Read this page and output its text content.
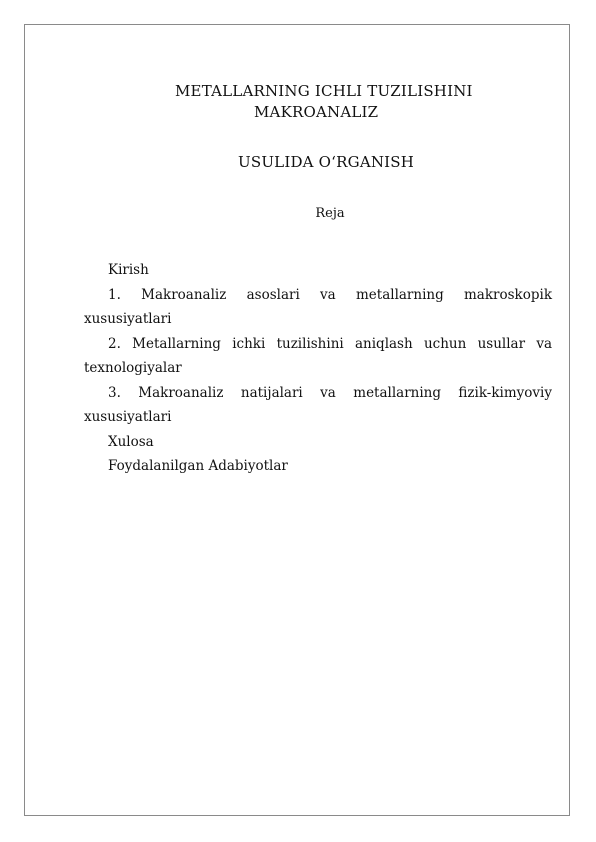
METALLARNING ICHLI TUZILISHINI
MAKROANALIZ
USULIDA O‘RGANISH
Reja

Kirish

1. Makroanaliz asoslari va metallarning makroskopik
xususiyatlari
2. Metallarning ichki tuzilishini aniqlash uchun usullar va
texnologiyalar
3. Makroanaliz natijalari va metallarning fizik-kimyoviy
xususiyatlari

Xulosa

Foydalanilgan Adabiyotlar
